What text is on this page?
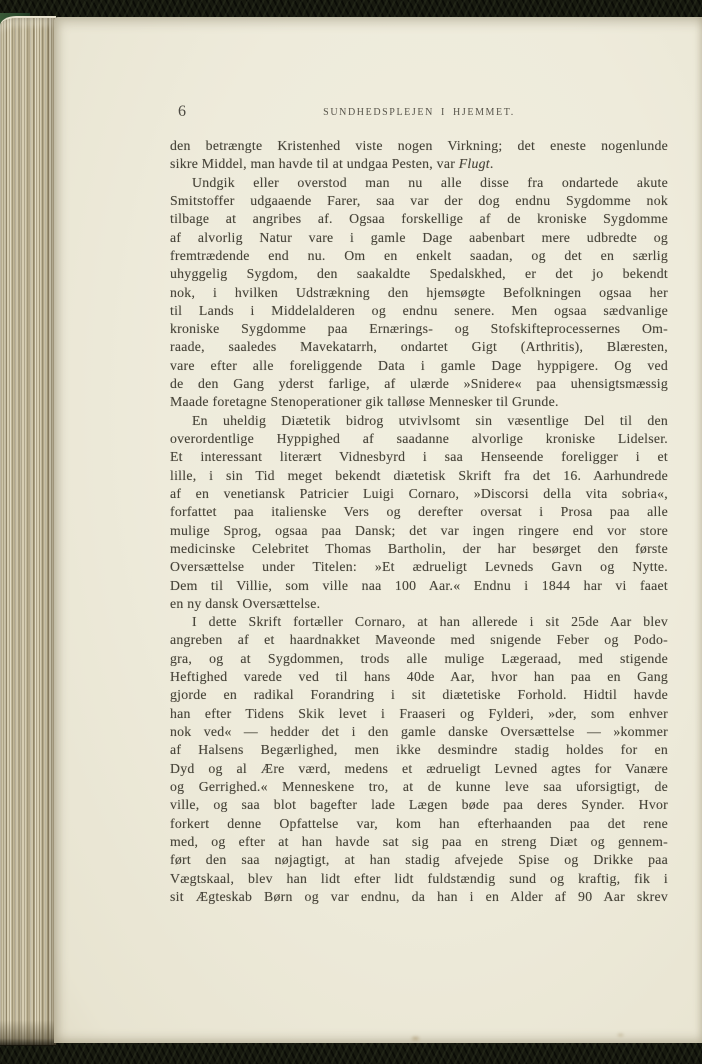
6	SUNDHEDSPLEJEN I HJEMMET.
den betrængte Kristenhed viste nogen Virkning; det eneste nogenlunde
sikre Middel, man havde til at undgaa Pesten, var Flugt.
Undgik eller overstod man nu alle disse fra ondartede akute
Smitstoffer udgaaende Farer, saa var der dog endnu Sygdomme nok
tilbage at angribes af. Ogsaa forskellige af de kroniske Sygdomme
af alvorlig Natur vare i gamle Dage aabenbart mere udbredte og
fremtrædende end nu. Om en enkelt saadan, og det en særlig
uhyggelig Sygdom, den saakaldte Spedalskhed, er det jo bekendt
nok, i hvilken Udstrækning den hjemsøgte Befolkningen ogsaa her
til Lands i Middelalderen og endnu senere. Men ogsaa sædvanlige
kroniske Sygdomme paa Ernærings- og Stofskifteprocessernes Om-
raade, saaledes Mavekatarrh, ondartet Gigt (Arthritis), Blæresten,
vare efter alle foreliggende Data i gamle Dage hyppigere. Og ved
de den Gang yderst farlige, af ulærde »Snidere« paa uhensigtsmæssig
Maade foretagne Stenoperationer gik talløse Mennesker til Grunde.
En uheldig Diætetik bidrog utvivlsomt sin væsentlige Del til den
overordentlige Hyppighed af saadanne alvorlige kroniske Lidelser.
Et interessant literært Vidnesbyrd i saa Henseende foreligger i et
lille, i sin Tid meget bekendt diætetisk Skrift fra det 16. Aarhundrede
af en venetiansk Patricier Luigi Cornaro, »Discorsi della vita sobria«,
forfattet paa italienske Vers og derefter oversat i Prosa paa alle
mulige Sprog, ogsaa paa Dansk; det var ingen ringere end vor store
medicinske Celebritet Thomas Bartholin, der har besørget den første
Oversættelse under Titelen: »Et ædrueligt Levneds Gavn og Nytte.
Dem til Villie, som ville naa 100 Aar.« Endnu i 1844 har vi faaet
en ny dansk Oversættelse.
I dette Skrift fortæller Cornaro, at han allerede i sit 25de Aar blev
angreben af et haardnakket Maveonde med snigende Feber og Podo-
gra, og at Sygdommen, trods alle mulige Lægeraad, med stigende
Heftighed varede ved til hans 40de Aar, hvor han paa en Gang
gjorde en radikal Forandring i sit diætetiske Forhold. Hidtil havde
han efter Tidens Skik levet i Fraaseri og Fylderi, »der, som enhver
nok ved« — hedder det i den gamle danske Oversættelse — »kommer
af Halsens Begærlighed, men ikke desmindre stadig holdes for en
Dyd og al Ære værd, medens et ædrueligt Levned agtes for Vanære
og Gerrighed.« Menneskene tro, at de kunne leve saa uforsigtigt, de
ville, og saa blot bagefter lade Lægen bøde paa deres Synder. Hvor
forkert denne Opfattelse var, kom han efterhaanden paa det rene
med, og efter at han havde sat sig paa en streng Diæt og gennem-
ført den saa nøjagtigt, at han stadig afvejede Spise og Drikke paa
Vægtskaal, blev han lidt efter lidt fuldstændig sund og kraftig, fik i
sit Ægteskab Børn og var endnu, da han i en Alder af 90 Aar skrev
